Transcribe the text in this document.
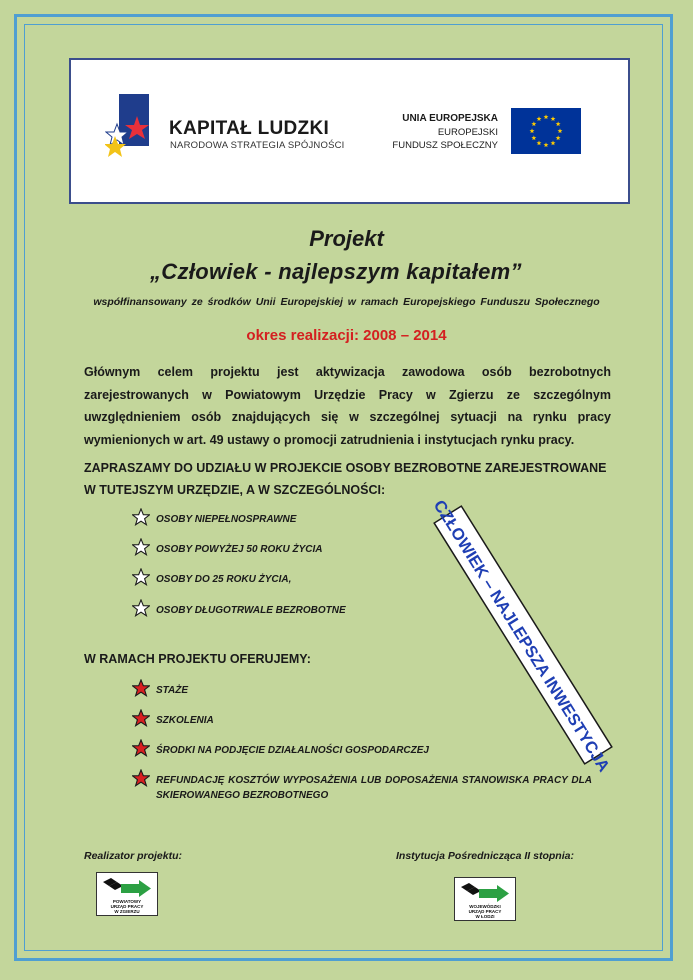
KAPITAŁ LUDZKI
NARODOWA STRATEGIA SPÓJNOŚCI
UNIA EUROPEJSKA
EUROPEJSKI
FUNDUSZ SPOŁECZNY
Projekt
„Człowiek - najlepszym kapitałem”
współfinansowany ze środków Unii Europejskiej w ramach Europejskiego Funduszu Społecznego
okres realizacji: 2008 – 2014
Głównym celem projektu jest aktywizacja zawodowa osób bezrobotnych zarejestrowanych w Powiatowym Urzędzie Pracy w Zgierzu ze szczególnym uwzględnieniem osób znajdujących się w szczególnej sytuacji na rynku pracy wymienionych w art. 49 ustawy o promocji zatrudnienia i instytucjach rynku pracy.
ZAPRASZAMY DO UDZIAŁU W PROJEKCIE OSOBY BEZROBOTNE ZAREJESTROWANE W TUTEJSZYM URZĘDZIE, A W SZCZEGÓLNOŚCI:
OSOBY NIEPEŁNOSPRAWNE
OSOBY POWYŻEJ 50 ROKU ŻYCIA
OSOBY DO 25 ROKU ŻYCIA,
OSOBY DŁUGOTRWALE BEZROBOTNE
W RAMACH PROJEKTU OFERUJEMY:
STAŻE
SZKOLENIA
ŚRODKI NA PODJĘCIE DZIAŁALNOŚCI GOSPODARCZEJ
REFUNDACJĘ KOSZTÓW WYPOSAŻENIA LUB DOPOSAŻENIA STANOWISKA PRACY DLA SKIEROWANEGO BEZROBOTNEGO
CZŁOWIEK – NAJLEPSZA INWESTYCJA
Realizator projektu:	Instytucja Pośrednicząca II stopnia:
POWIATOWY
URZĄD PRACY
W ZGIERZU
WOJEWÓDZKI
URZĄD PRACY
W ŁODZI
